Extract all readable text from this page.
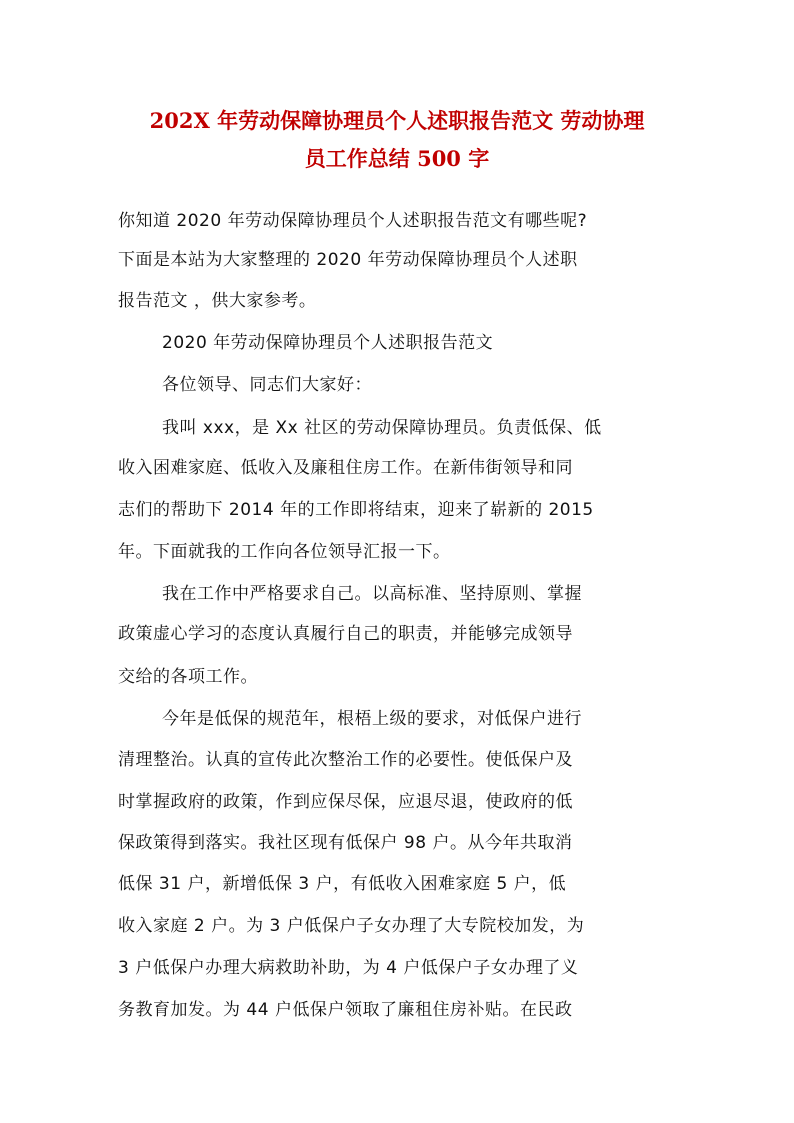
202X 年劳动保障协理员个人述职报告范文 劳动协理
员工作总结 500 字
你知道 2020 年劳动保障协理员个人述职报告范文有哪些呢?
下面是本站为大家整理的 2020 年劳动保障协理员个人述职
报告范文 ，供大家参考。
2020 年劳动保障协理员个人述职报告范文
各位领导、同志们大家好：
我叫 xxx，是 Xx 社区的劳动保障协理员。负责低保、低
收入困难家庭、低收入及廉租住房工作。在新伟街领导和同
志们的帮助下 2014 年的工作即将结束，迎来了崭新的 2015
年。下面就我的工作向各位领导汇报一下。
我在工作中严格要求自己。以高标准、坚持原则、掌握
政策虚心学习的态度认真履行自己的职责，并能够完成领导
交给的各项工作。
今年是低保的规范年，根梧上级的要求，对低保户进行
清理整治。认真的宣传此次整治工作的必要性。使低保户及
时掌握政府的政策，作到应保尽保，应退尽退，使政府的低
保政策得到落实。我社区现有低保户 98 户。从今年共取消
低保 31 户，新增低保 3 户，有低收入困难家庭 5 户，低
收入家庭 2 户。为 3 户低保户子女办理了大专院校加发，为
3 户低保户办理大病救助补助，为 4 户低保户子女办理了义
务教育加发。为 44 户低保户领取了廉租住房补贴。在民政
